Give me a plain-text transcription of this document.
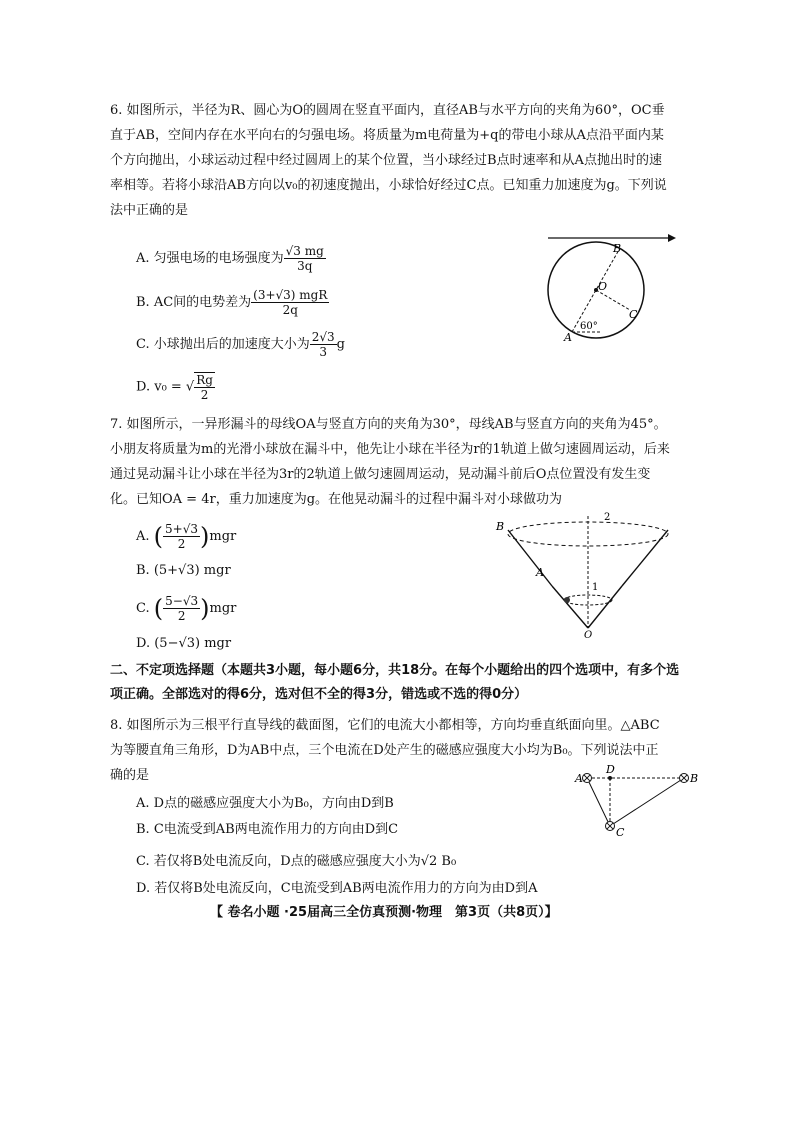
6. 如图所示，半径为R、圆心为O的圆周在竖直平面内，直径AB与水平方向的夹角为60°，OC垂直于AB，空间内存在水平向右的匀强电场。将质量为m电荷量为+q的带电小球从A点沿平面内某个方向抛出，小球运动过程中经过圆周上的某个位置，当小球经过B点时速率和从A点抛出时的速率相等。若将小球沿AB方向以v₀的初速度抛出，小球恰好经过C点。已知重力加速度为g。下列说法中正确的是
A. 匀强电场的电场强度为 $\frac{√3 mg}{3q}$
B. AC间的电势差为 $\frac{\text{(3+√3) mgR}}{2q}$
C. 小球抛出后的加速度大小为 $\frac{2√3}{3}$ g
D. v₀ = √ $\frac{Rg}{2}$
B
O
C
A
60°
7. 如图所示，一异形漏斗的母线OA与竖直方向的夹角为30°，母线AB与竖直方向的夹角为45°。小朋友将质量为m的光滑小球放在漏斗中，他先让小球在半径为r的1轨道上做匀速圆周运动，后来通过晃动漏斗让小球在半径为3r的2轨道上做匀速圆周运动，晃动漏斗前后O点位置没有发生变化。已知OA = 4r，重力加速度为g。在他晃动漏斗的过程中漏斗对小球做功为
A. ( $\frac{5+√3}{2} )mgr$
B. (5+√3) mgr
C. ( $\frac{5-√3}{2} )mgr$
D. (5−√3) mgr
B
A
O
1
2
二、不定项选择题（本题共3小题，每小题6分，共18分。在每个小题给出的四个选项中，有多个选项正确。全部选对的得6分，选对但不全的得3分，错选或不选的得0分）
8. 如图所示为三根平行直导线的截面图，它们的电流大小都相等，方向均垂直纸面向里。△ABC为等腰直角三角形，D为AB中点，三个电流在D处产生的磁感应强度大小均为B₀。下列说法中正确的是
A. D点的磁感应强度大小为B₀，方向由D到B
B. C电流受到AB两电流作用力的方向由D到C
C. 若仅将B处电流反向，D点的磁感应强度大小为√2 B₀
D. 若仅将B处电流反向，C电流受到AB两电流作用力的方向为由D到A
A
D
B
C
【 卷名小题 ·25届高三全仿真预测·物理　第3页（共8页）】
